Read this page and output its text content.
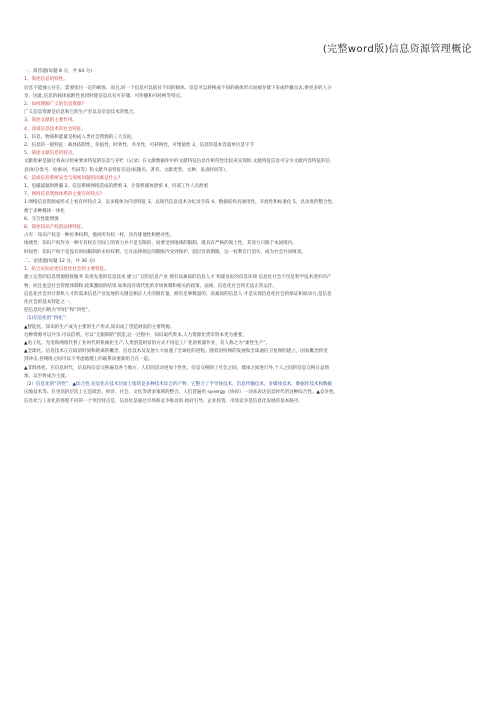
(完整word版)信息资源管理概论
一、简答题(每题 8 分，共 64 分)
1、简述信息的特性。
信息不能独立存在。需要依付一定的载体，而且,同一个信息可以依付不同的载体。信息可以转换成不同的载体形式而被存储下来或传播出去,供更多的人分
享，因此,信息的载体依附性也同时使信息具有可存储、可传播和可转换等特点。
2、如何理解广义的信息资源?
广义信息资源是信息和它的生产者以及信息技术的集合。
3、简述文献的主要作用。
4、谈谈信息技术的社会特征。
1、信息、物质和能量是构成人类社会资源的三大支柱。
2、信息的一般特征：载体依附性，价值性，时效性，共享性，可转换性，可增值性 3、信息的基本容量单位是字节
5、简述文献信息的特点。
文献检索是通过将表示检索要求特征的信息与存贮（记录）在文献数据库中的文献特征信息作相符性比较来实现的.文献特征信息可分为文献内容特征的信
息(如分类号、检索词、代码等）和文献外表特征信息(如题名、著者、文献类型、文种、发表时间等）。
6、造成信息系统安全与保密问题的因素是什么?
1、电磁波辐射泄漏 2、信息系统网络造成的泄密 3、计算机媒体泄密 4、内部工作人员泄密
7、网络信息资源体系的主要有何特点?
1.网络信息资源成形式上看有何特点 2、以多媒体为内容特征 3、以现代信息技术为纪录手段 4、数据结构具通用性、开放性和标准化 5、具动度的整合性,
便于多种媒体一体化
6、交互性能增强
8、简述知识产权的法律特征。
占有：知识产权是一种民事权利，他同所有权一样，具有排他性和绝对性。
地域性：知识产权作为一种专有权在空间上的效力并不是无限的，而要受到地域的限制，既具有严格的领土性，其效力只限于本国境内。
时间性：知识产权不是没有时间限制的永恒权利，它在法律规定的期限内受到保护，超过有效期限，这一权利自行消失，成为社会共同财富。
二、论述题(每题 12 分，共 36 分)
1、结合实际论述信息化社会的主要特征。
建立完善的信息资源链接服务 采用先进的信息技术 建立广泛的信息产业 拥有高素质的信息人才 构建良好的信息环境 信息化社会不仅是科学技术进步的产
物，而且也是社会管理体制和 政策激励的结果.如果没有现代化的市场体制和相关的政策、法规，信息化社会将无法正常运作。
信息化社会对计算机人才的需求信息产业发展的关键是相应人才的拥有量，拥有足够数量的、高素质的信息人 才是实现信息化社会的保证和原动力,是信息
化社会的基本特征之一。
把信息化归纳为“四化”和“四性”。
（1)信息化的“四化”:
▲智能化。知识的生产成为主要的生产形式,知识成了创造财富的主要资源。
这种资源可以共享,可以倍增，可以“无限制的”创造,这一过程中，知识取代资本,人力资源比货币资本更为重要。
▲电子化。光电和网络代替工业时代的机械化生产,人类创造财富的方式不再是工厂化的机器作业，有人称之为“柔性生产”。
▲全球化。信息技术正在取消时间和距离的概念，信息技术及发展大大加速了全球化的进程。随着因特网的发展和全球通信卫星网的建立，国家概念将受
到冲击,各网络之间可以不考虑地理上的联系而重新组合在一起。
▲非群体化。在信息时代，信息和信息交换遍及各个地方，人们的活动更加个性化，信息交换除了社会之间、群体之间进行外,个人之间的信息交换日益增
加，以至将成为主流。
（2）信息化的“四性”：▲综合性.信息化在技术层面上指的是多种技术综合的产物，它整合了半导体技术、信息传输技术、多媒体技术、数据库技术和数据
压缩技术等。在更高的层次上它是政治、经济、社会、文化等诸多领域的整合。人们普遍用 synergy（协同）一词来表达信息时代的这种综合性。▲竞争性。
信息化与工业化的进程不同的一个突出特点是，信息化是通过市场和竞争推动的.政府引导、企业投资、市场竞争是信息化发展的基本路径。
